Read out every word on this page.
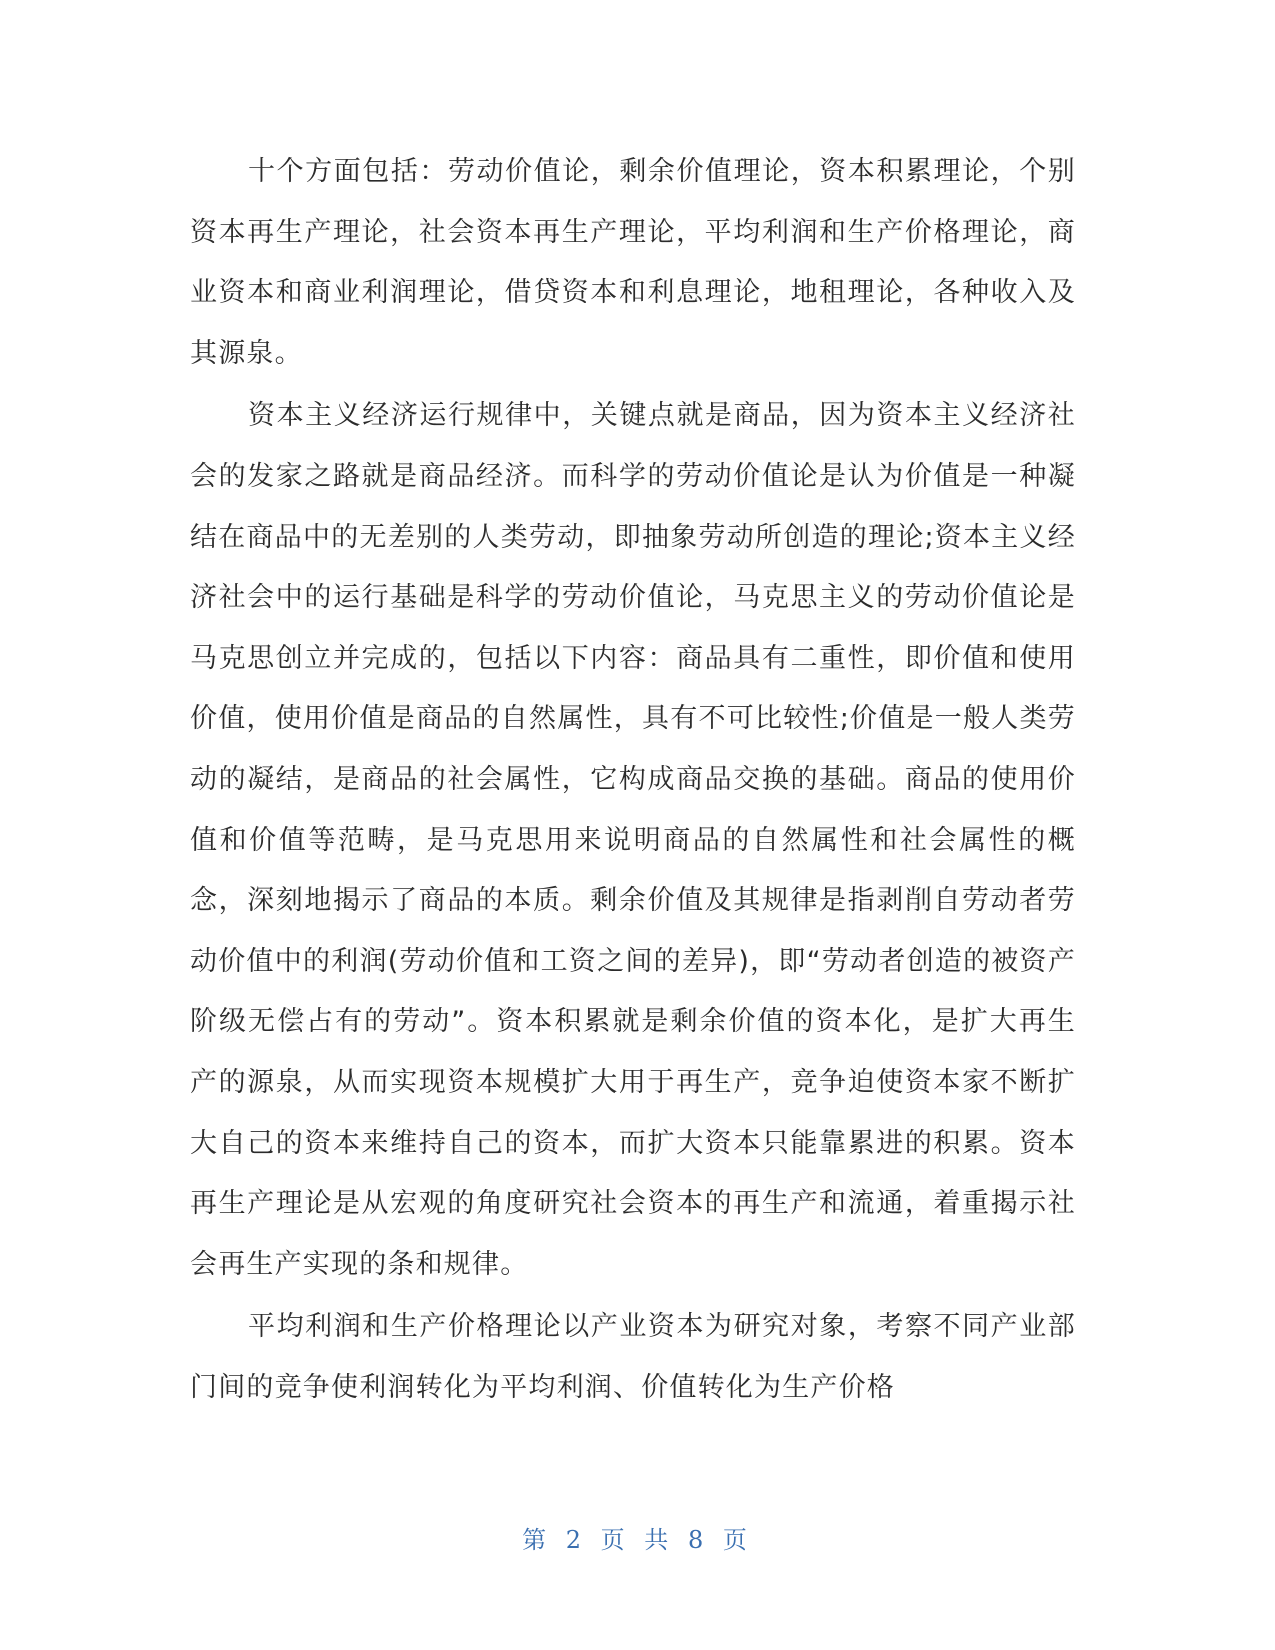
十个方面包括：劳动价值论，剩余价值理论，资本积累理论，个别资本再生产理论，社会资本再生产理论，平均利润和生产价格理论，商业资本和商业利润理论，借贷资本和利息理论，地租理论，各种收入及其源泉。

资本主义经济运行规律中，关键点就是商品，因为资本主义经济社会的发家之路就是商品经济。而科学的劳动价值论是认为价值是一种凝结在商品中的无差别的人类劳动，即抽象劳动所创造的理论;资本主义经济社会中的运行基础是科学的劳动价值论，马克思主义的劳动价值论是马克思创立并完成的，包括以下内容：商品具有二重性，即价值和使用价值，使用价值是商品的自然属性，具有不可比较性;价值是一般人类劳动的凝结，是商品的社会属性，它构成商品交换的基础。商品的使用价值和价值等范畴，是马克思用来说明商品的自然属性和社会属性的概念，深刻地揭示了商品的本质。剩余价值及其规律是指剥削自劳动者劳动价值中的利润(劳动价值和工资之间的差异)，即“劳动者创造的被资产阶级无偿占有的劳动”。资本积累就是剩余价值的资本化，是扩大再生产的源泉，从而实现资本规模扩大用于再生产，竞争迫使资本家不断扩大自己的资本来维持自己的资本，而扩大资本只能靠累进的积累。资本再生产理论是从宏观的角度研究社会资本的再生产和流通，着重揭示社会再生产实现的条和规律。

平均利润和生产价格理论以产业资本为研究对象，考察不同产业部门间的竞争使利润转化为平均利润、价值转化为生产价格

第 2 页 共 8 页
